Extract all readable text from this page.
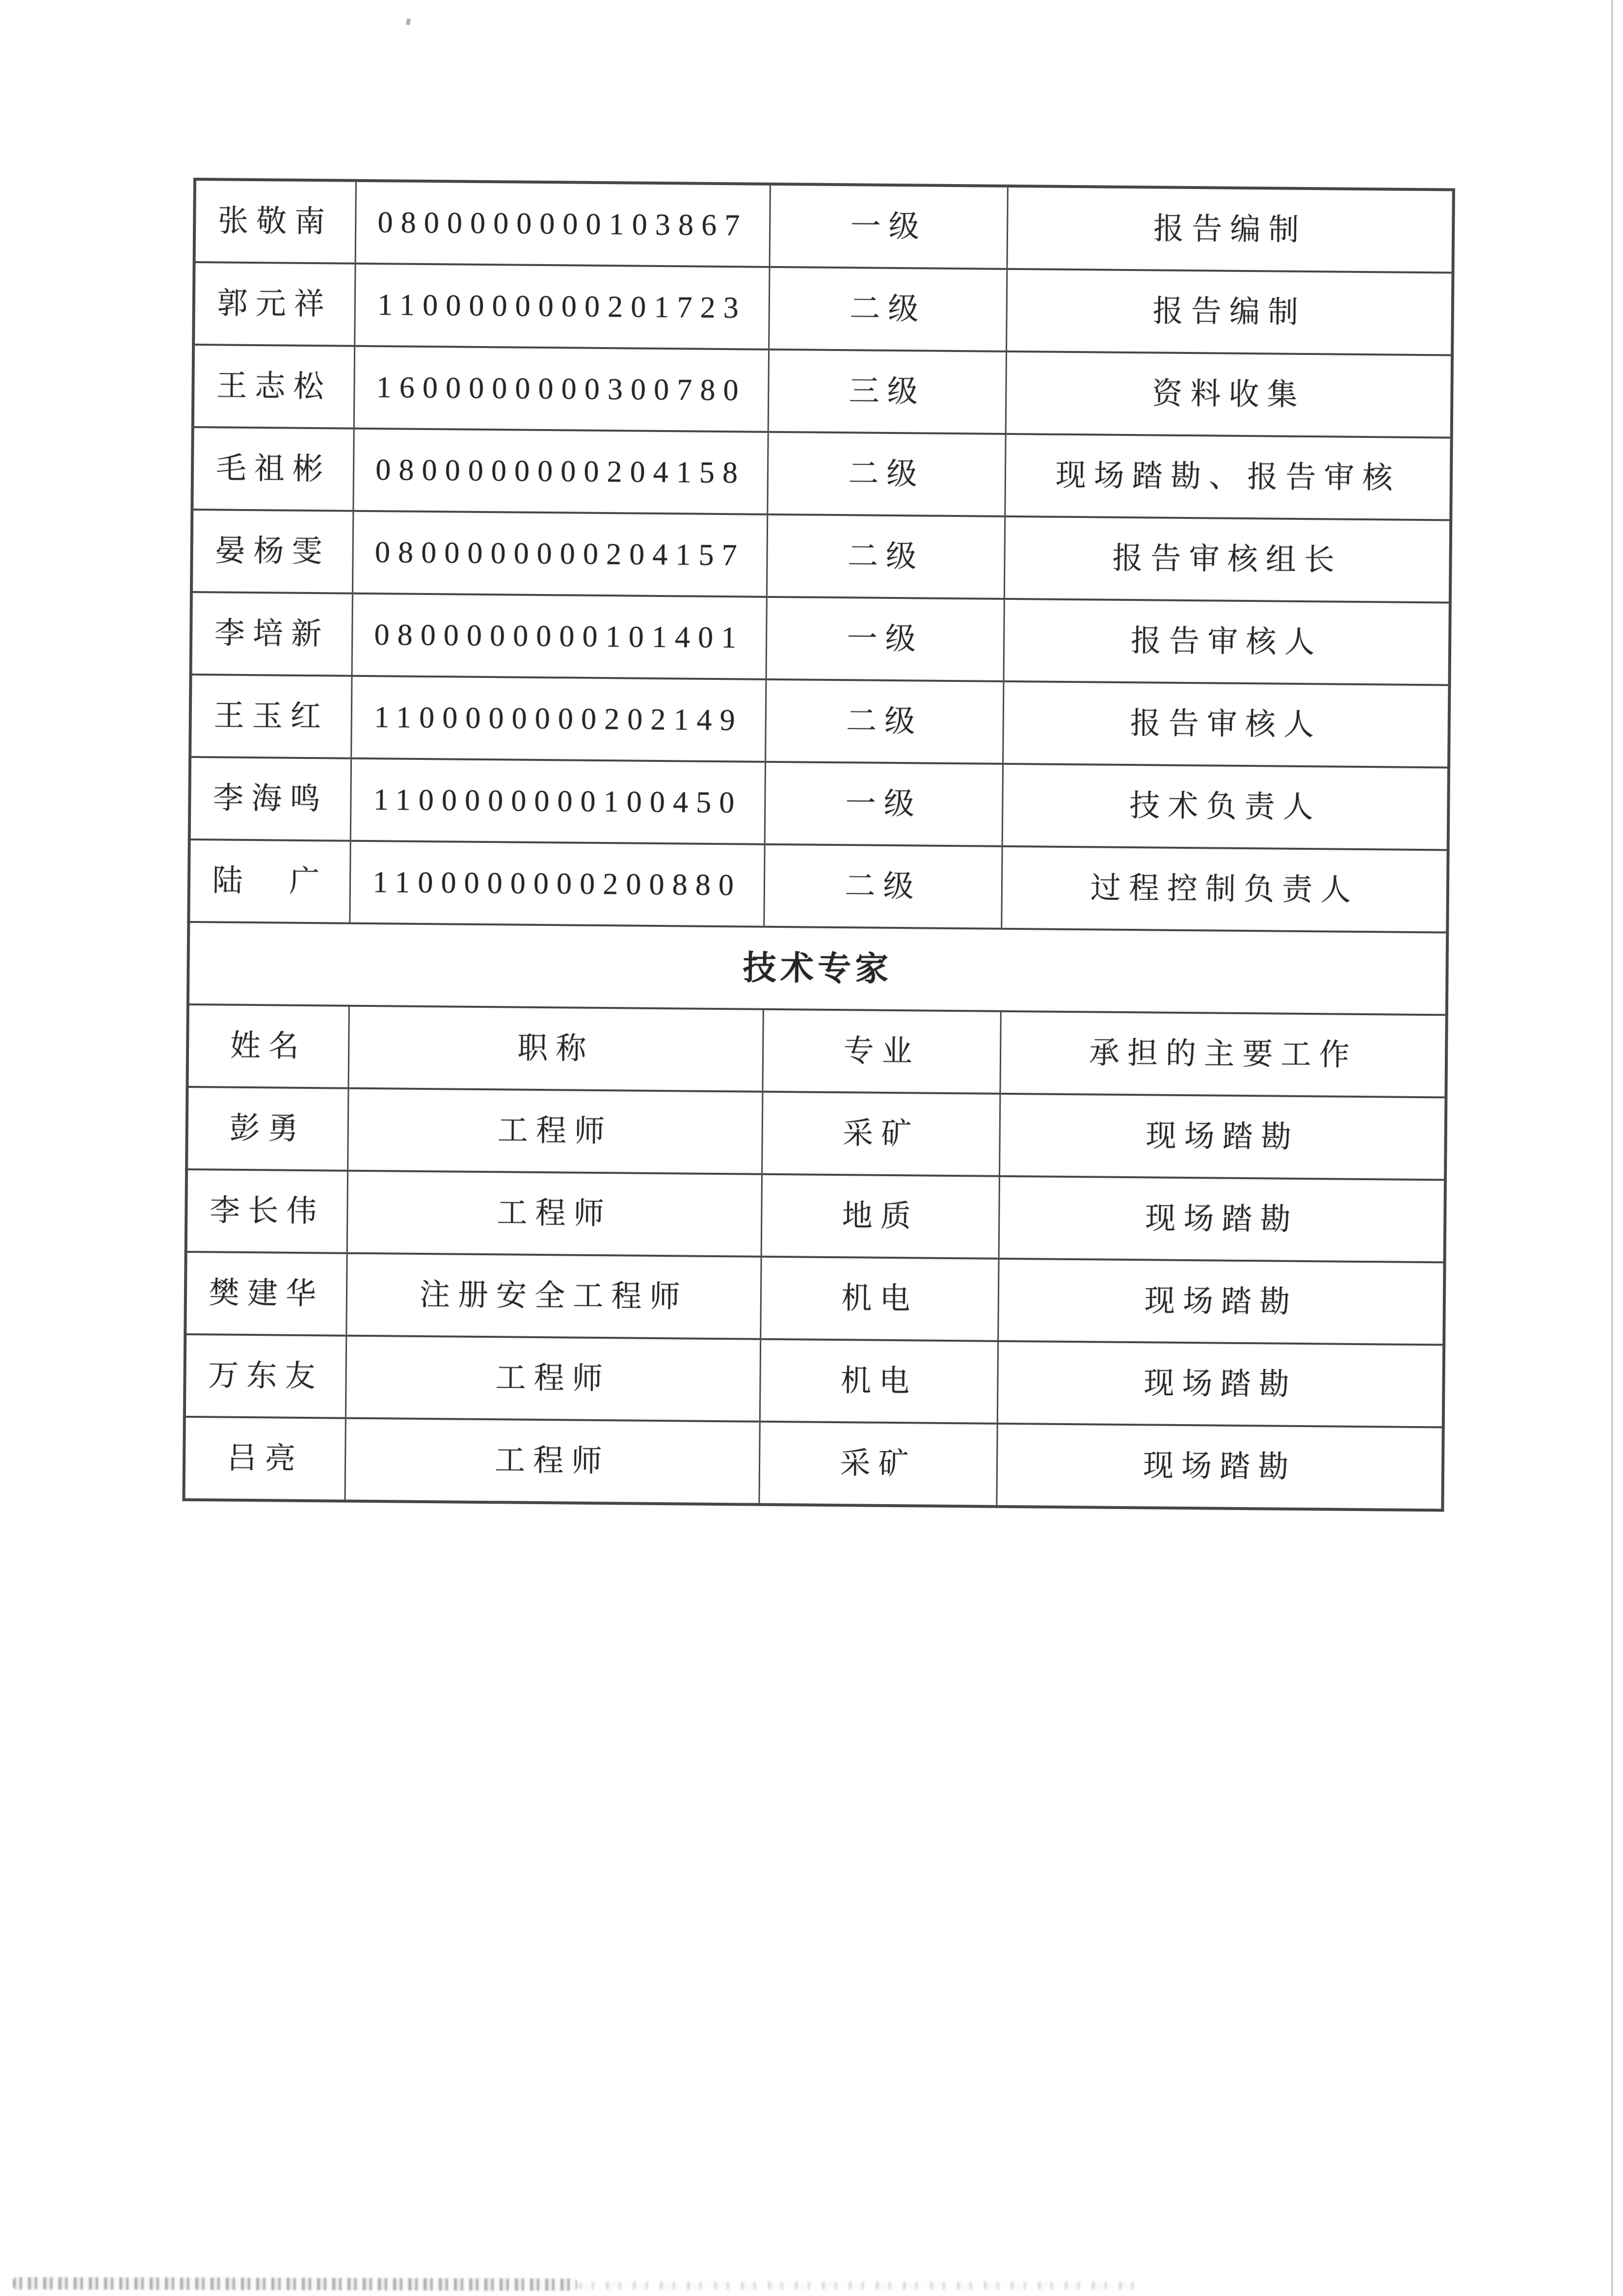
张敬南	0800000000103867	一级	报告编制
郭元祥	1100000000201723	二级	报告编制
王志松	1600000000300780	三级	资料收集
毛祖彬	0800000000204158	二级	现场踏勘、报告审核
晏杨雯	0800000000204157	二级	报告审核组长
李培新	0800000000101401	一级	报告审核人
王玉红	1100000000202149	二级	报告审核人
李海鸣	1100000000100450	一级	技术负责人
陆　广	1100000000200880	二级	过程控制负责人
技术专家			
姓名	职称	专业	承担的主要工作
彭勇	工程师	采矿	现场踏勘
李长伟	工程师	地质	现场踏勘
樊建华	注册安全工程师	机电	现场踏勘
万东友	工程师	机电	现场踏勘
吕亮	工程师	采矿	现场踏勘
